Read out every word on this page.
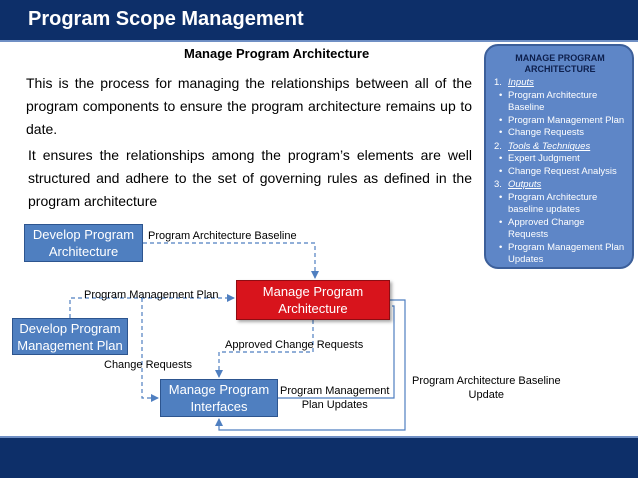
Program Scope Management
Manage Program Architecture
This is the process for managing the relationships between all of the program components to ensure the program architecture remains up to date.
It ensures the relationships among the program’s elements are well structured and adhere to the set of governing rules as defined in the program architecture
MANAGE PROGRAM
ARCHITECTURE
1. Inputs
• Program Architecture
Baseline
• Program Management Plan
• Change Requests
2. Tools & Techniques
• Expert Judgment
• Change Request Analysis
3. Outputs
• Program Architecture
baseline updates
• Approved Change Requests
• Program Management Plan
Updates
Develop Program
Architecture
Develop Program
Management Plan
Manage Program
Architecture
Manage Program
Interfaces
Program Architecture Baseline
Program Management Plan
Approved Change Requests
Change Requests
Program Management
Plan Updates
Program Architecture Baseline
Update
